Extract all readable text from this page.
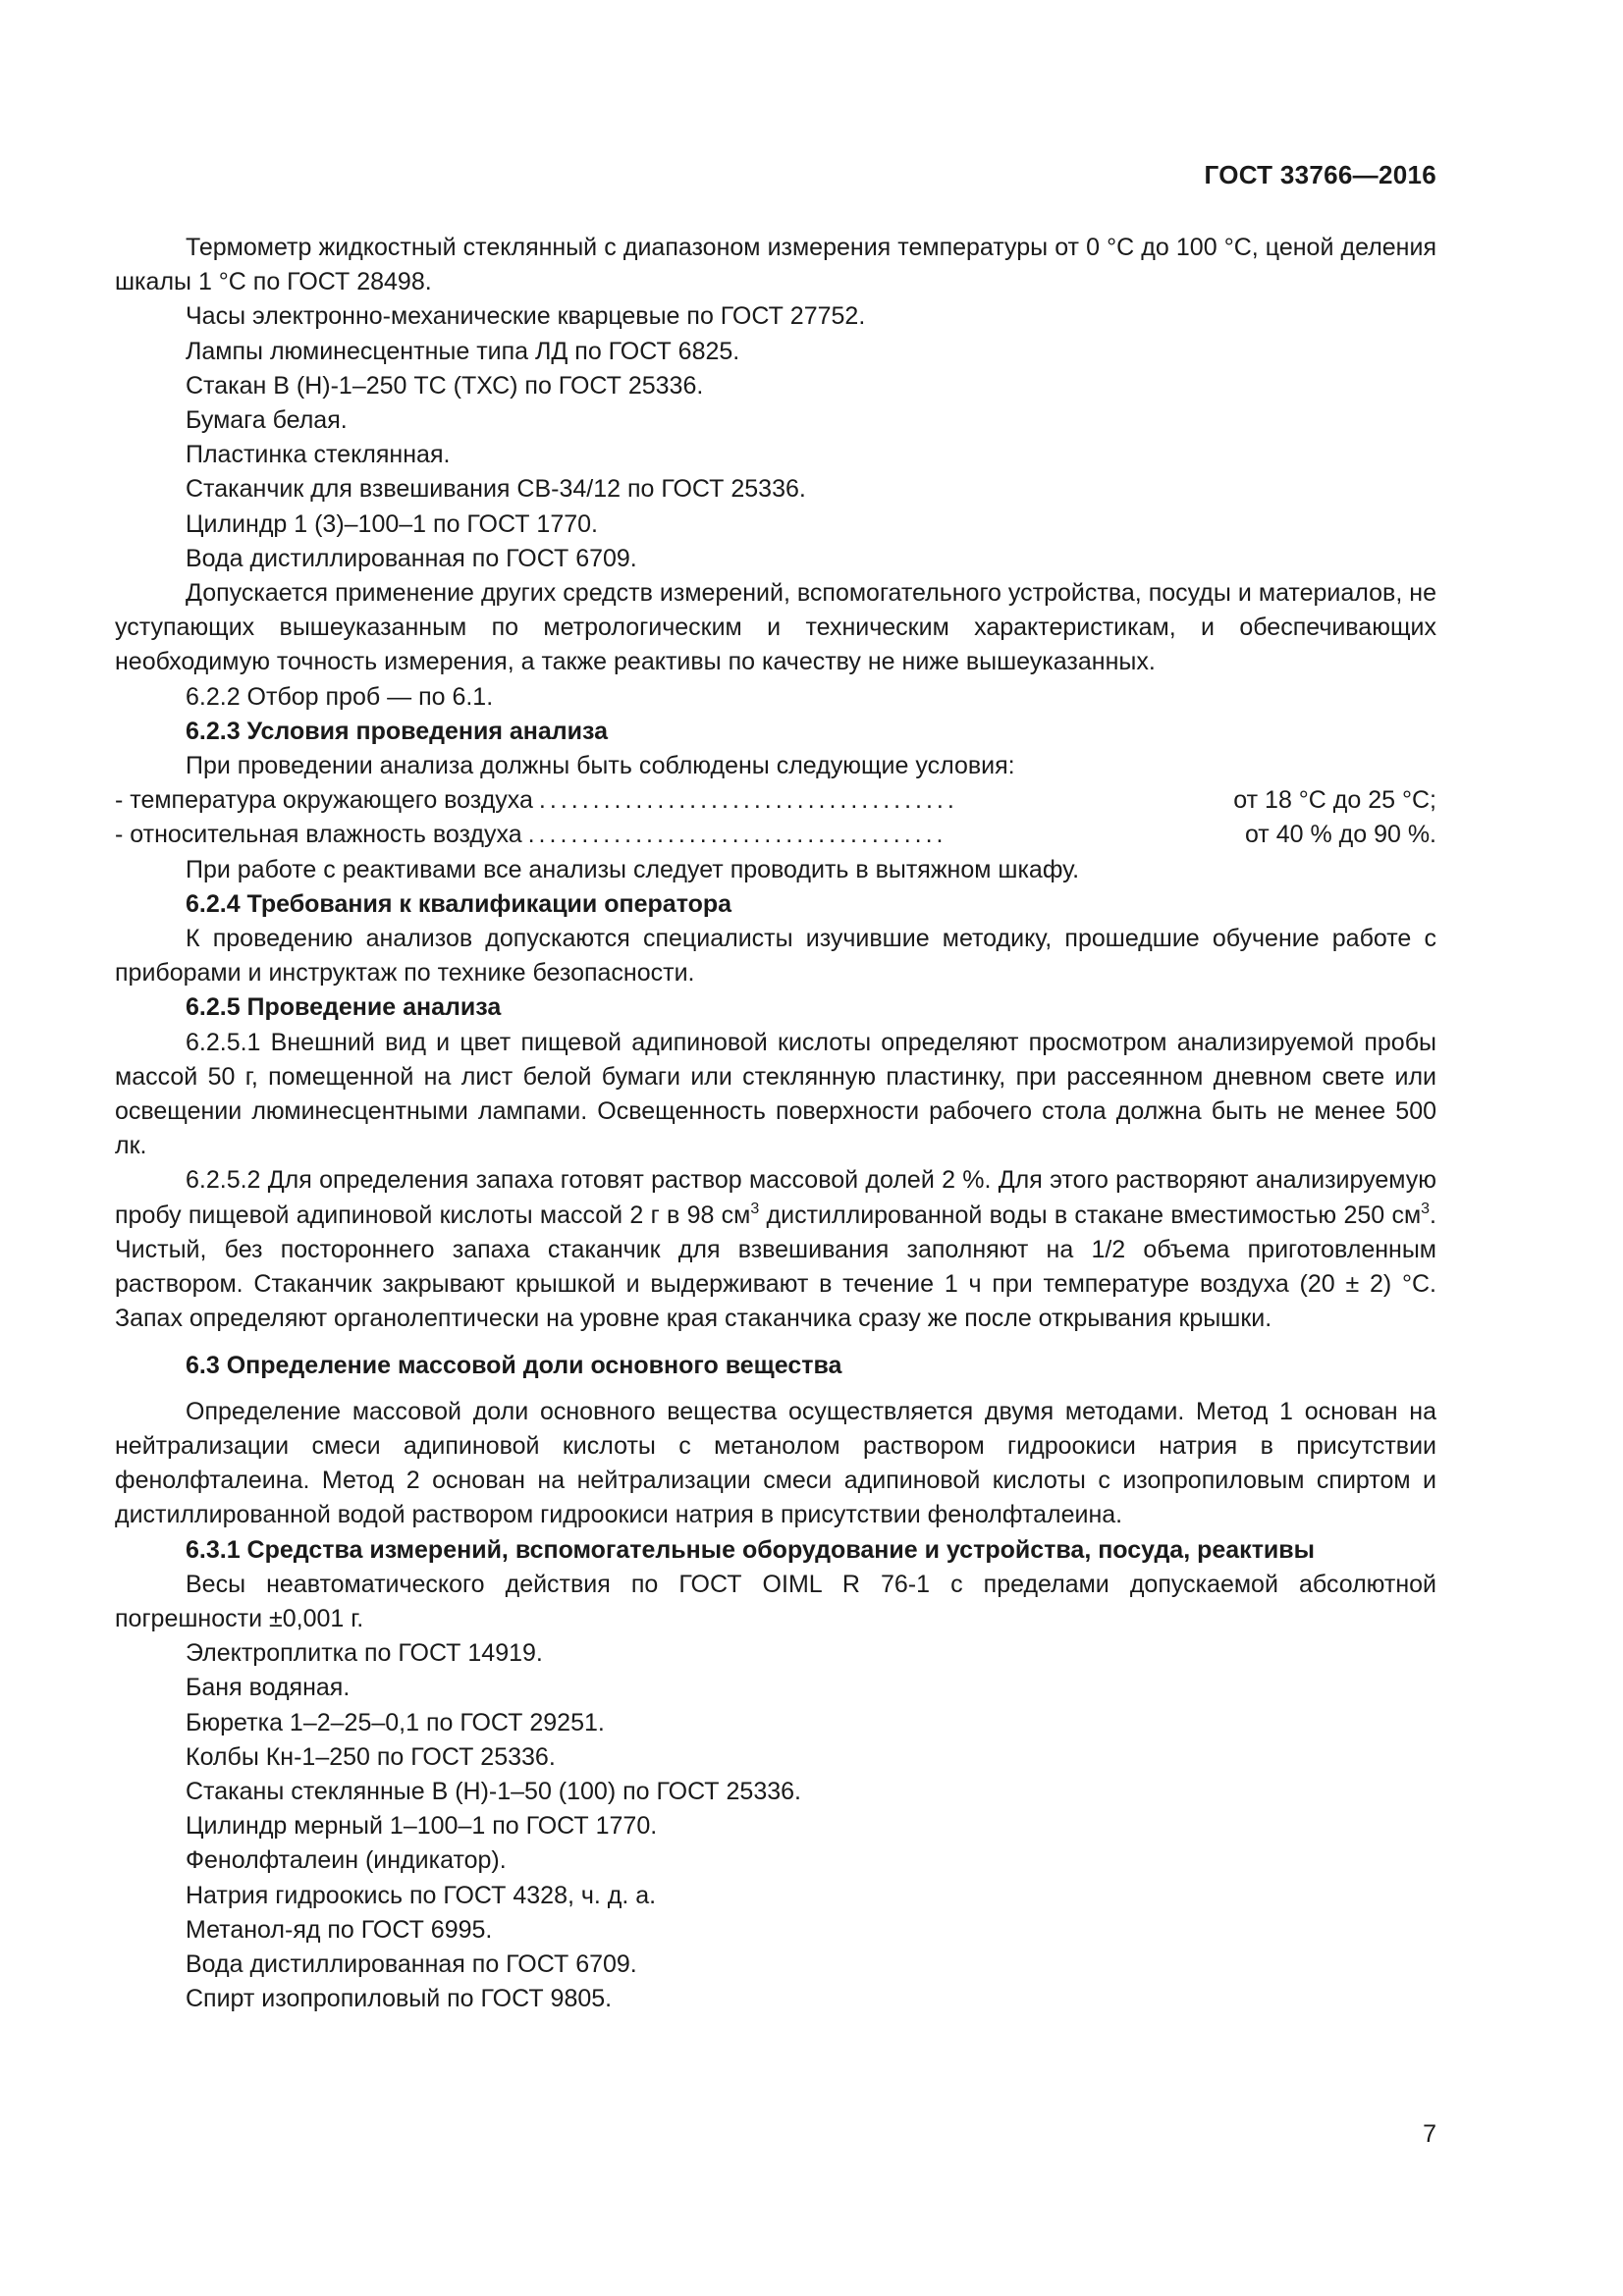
ГОСТ 33766—2016

Термометр жидкостный стеклянный с диапазоном измерения температуры от 0 °С до 100 °С, ценой деления шкалы 1 °С по ГОСТ 28498.

Часы электронно-механические кварцевые по ГОСТ 27752.

Лампы люминесцентные типа ЛД по ГОСТ 6825.

Стакан В (Н)-1–250 ТС (ТХС) по ГОСТ 25336.

Бумага белая.

Пластинка стеклянная.

Стаканчик для взвешивания СВ-34/12 по ГОСТ 25336.

Цилиндр 1 (3)–100–1 по ГОСТ 1770.

Вода дистиллированная по ГОСТ 6709.

Допускается применение других средств измерений, вспомогательного устройства, посуды и материалов, не уступающих вышеуказанным по метрологическим и техническим характеристикам, и обеспечивающих необходимую точность измерения, а также реактивы по качеству не ниже вышеуказанных.

6.2.2 Отбор проб — по 6.1.

6.2.3 Условия проведения анализа

При проведении анализа должны быть соблюдены следующие условия:

- температура окружающего воздуха .......................................	от 18 °С до 25 °С;
- относительная влажность воздуха .......................................	от 40 % до 90 %.

При работе с реактивами все анализы следует проводить в вытяжном шкафу.

6.2.4 Требования к квалификации оператора

К проведению анализов допускаются специалисты изучившие методику, прошедшие обучение работе с приборами и инструктаж по технике безопасности.

6.2.5 Проведение анализа

6.2.5.1 Внешний вид и цвет пищевой адипиновой кислоты определяют просмотром анализируемой пробы массой 50 г, помещенной на лист белой бумаги или стеклянную пластинку, при рассеянном дневном свете или освещении люминесцентными лампами. Освещенность поверхности рабочего стола должна быть не менее 500 лк.

6.2.5.2 Для определения запаха готовят раствор массовой долей 2 %. Для этого растворяют анализируемую пробу пищевой адипиновой кислоты массой 2 г в 98 $см^3$ дистиллированной воды в стакане вместимостью 250 $см^3$. Чистый, без постороннего запаха стаканчик для взвешивания заполняют на 1/2 объема приготовленным раствором. Стаканчик закрывают крышкой и выдерживают в течение 1 ч при температуре воздуха (20 ± 2) °С. Запах определяют органолептически на уровне края стаканчика сразу же после открывания крышки.

6.3 Определение массовой доли основного вещества

Определение массовой доли основного вещества осуществляется двумя методами. Метод 1 основан на нейтрализации смеси адипиновой кислоты с метанолом раствором гидроокиси натрия в присутствии фенолфталеина. Метод 2 основан на нейтрализации смеси адипиновой кислоты с изопропиловым спиртом и дистиллированной водой раствором гидроокиси натрия в присутствии фенолфталеина.

6.3.1 Средства измерений, вспомогательные оборудование и устройства, посуда, реактивы

Весы неавтоматического действия по ГОСТ OIML R 76-1 с пределами допускаемой абсолютной погрешности ±0,001 г.

Электроплитка по ГОСТ 14919.

Баня водяная.

Бюретка 1–2–25–0,1 по ГОСТ 29251.

Колбы Кн-1–250 по ГОСТ 25336.

Стаканы стеклянные В (Н)-1–50 (100) по ГОСТ 25336.

Цилиндр мерный 1–100–1 по ГОСТ 1770.

Фенолфталеин (индикатор).

Натрия гидроокись по ГОСТ 4328, ч. д. а.

Метанол-яд по ГОСТ 6995.

Вода дистиллированная по ГОСТ 6709.

Спирт изопропиловый по ГОСТ 9805.

7
